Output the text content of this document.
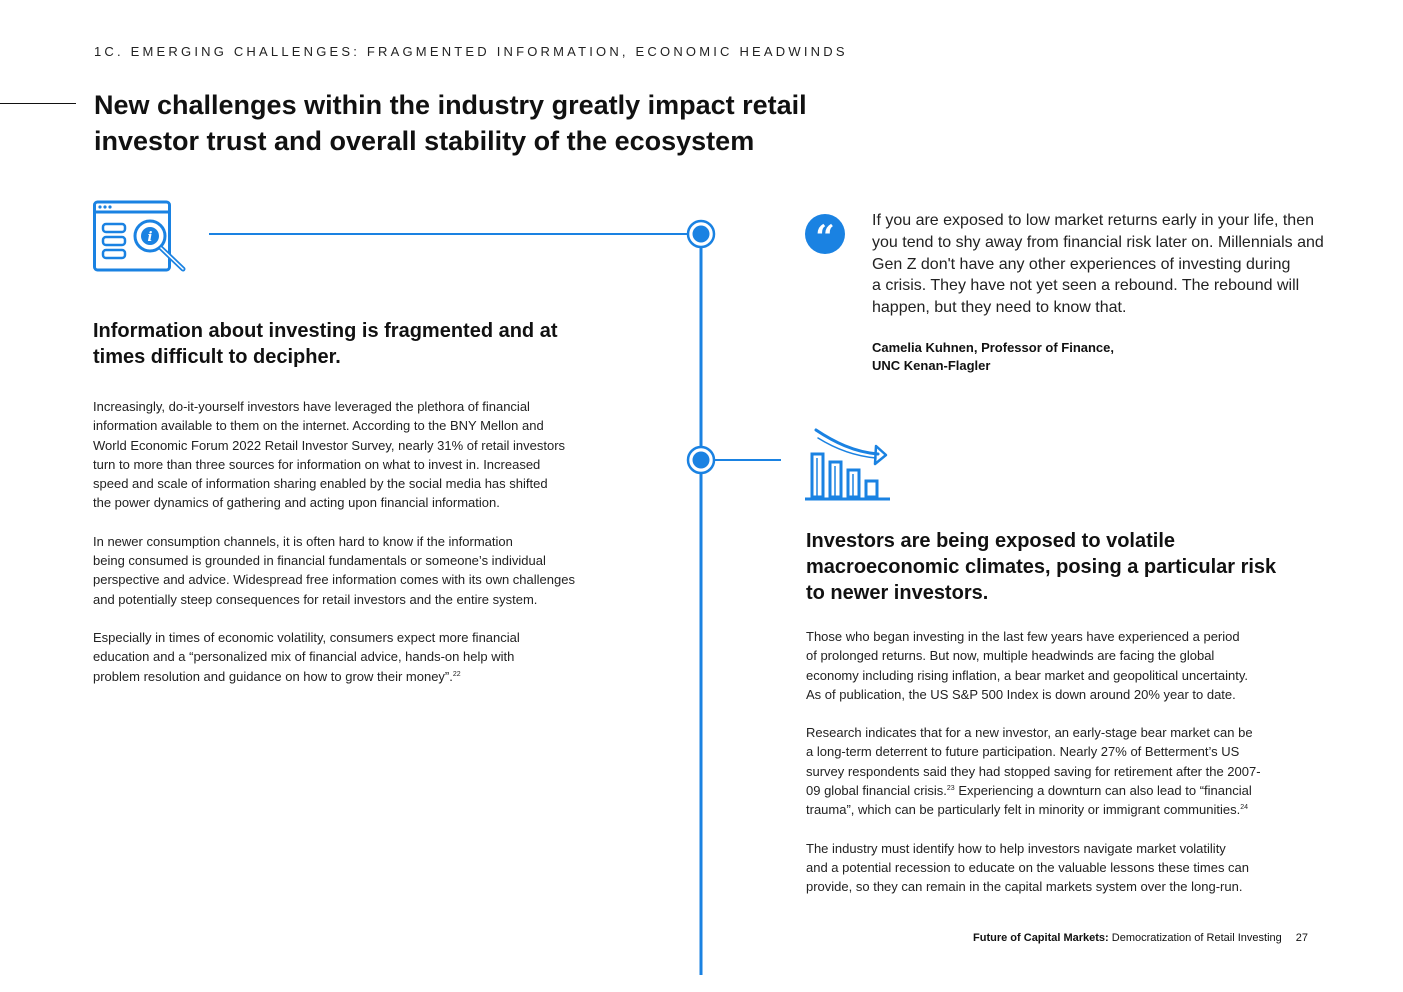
1C. EMERGING CHALLENGES: FRAGMENTED INFORMATION, ECONOMIC HEADWINDS
New challenges within the industry greatly impact retail
investor trust and overall stability of the ecosystem
i
Information about investing is fragmented and at
times difficult to decipher.

Increasingly, do-it-yourself investors have leveraged the plethora of financial
information available to them on the internet. According to the BNY Mellon and
World Economic Forum 2022 Retail Investor Survey, nearly 31% of retail investors
turn to more than three sources for information on what to invest in. Increased
speed and scale of information sharing enabled by the social media has shifted
the power dynamics of gathering and acting upon financial information.

In newer consumption channels, it is often hard to know if the information
being consumed is grounded in financial fundamentals or someone’s individual
perspective and advice. Widespread free information comes with its own challenges
and potentially steep consequences for retail investors and the entire system.

Especially in times of economic volatility, consumers expect more financial
education and a “personalized mix of financial advice, hands-on help with
problem resolution and guidance on how to grow their money”.$^{22}$

“ If you are exposed to low market returns early in your life, then
you tend to shy away from financial risk later on. Millennials and
Gen Z don't have any other experiences of investing during
a crisis. They have not yet seen a rebound. The rebound will
happen, but they need to know that.
Camelia Kuhnen, Professor of Finance,
UNC Kenan-Flagler
Investors are being exposed to volatile
macroeconomic climates, posing a particular risk
to newer investors.

Those who began investing in the last few years have experienced a period
of prolonged returns. But now, multiple headwinds are facing the global
economy including rising inflation, a bear market and geopolitical uncertainty.
As of publication, the US S&P 500 Index is down around 20% year to date.

Research indicates that for a new investor, an early-stage bear market can be
a long-term deterrent to future participation. Nearly 27% of Betterment’s US
survey respondents said they had stopped saving for retirement after the 2007-
09 global financial crisis.$^{23}$ Experiencing a downturn can also lead to “financial
trauma”, which can be particularly felt in minority or immigrant communities.$^{24}$

The industry must identify how to help investors navigate market volatility
and a potential recession to educate on the valuable lessons these times can
provide, so they can remain in the capital markets system over the long-run.

Future of Capital Markets: Democratization of Retail Investing 27
